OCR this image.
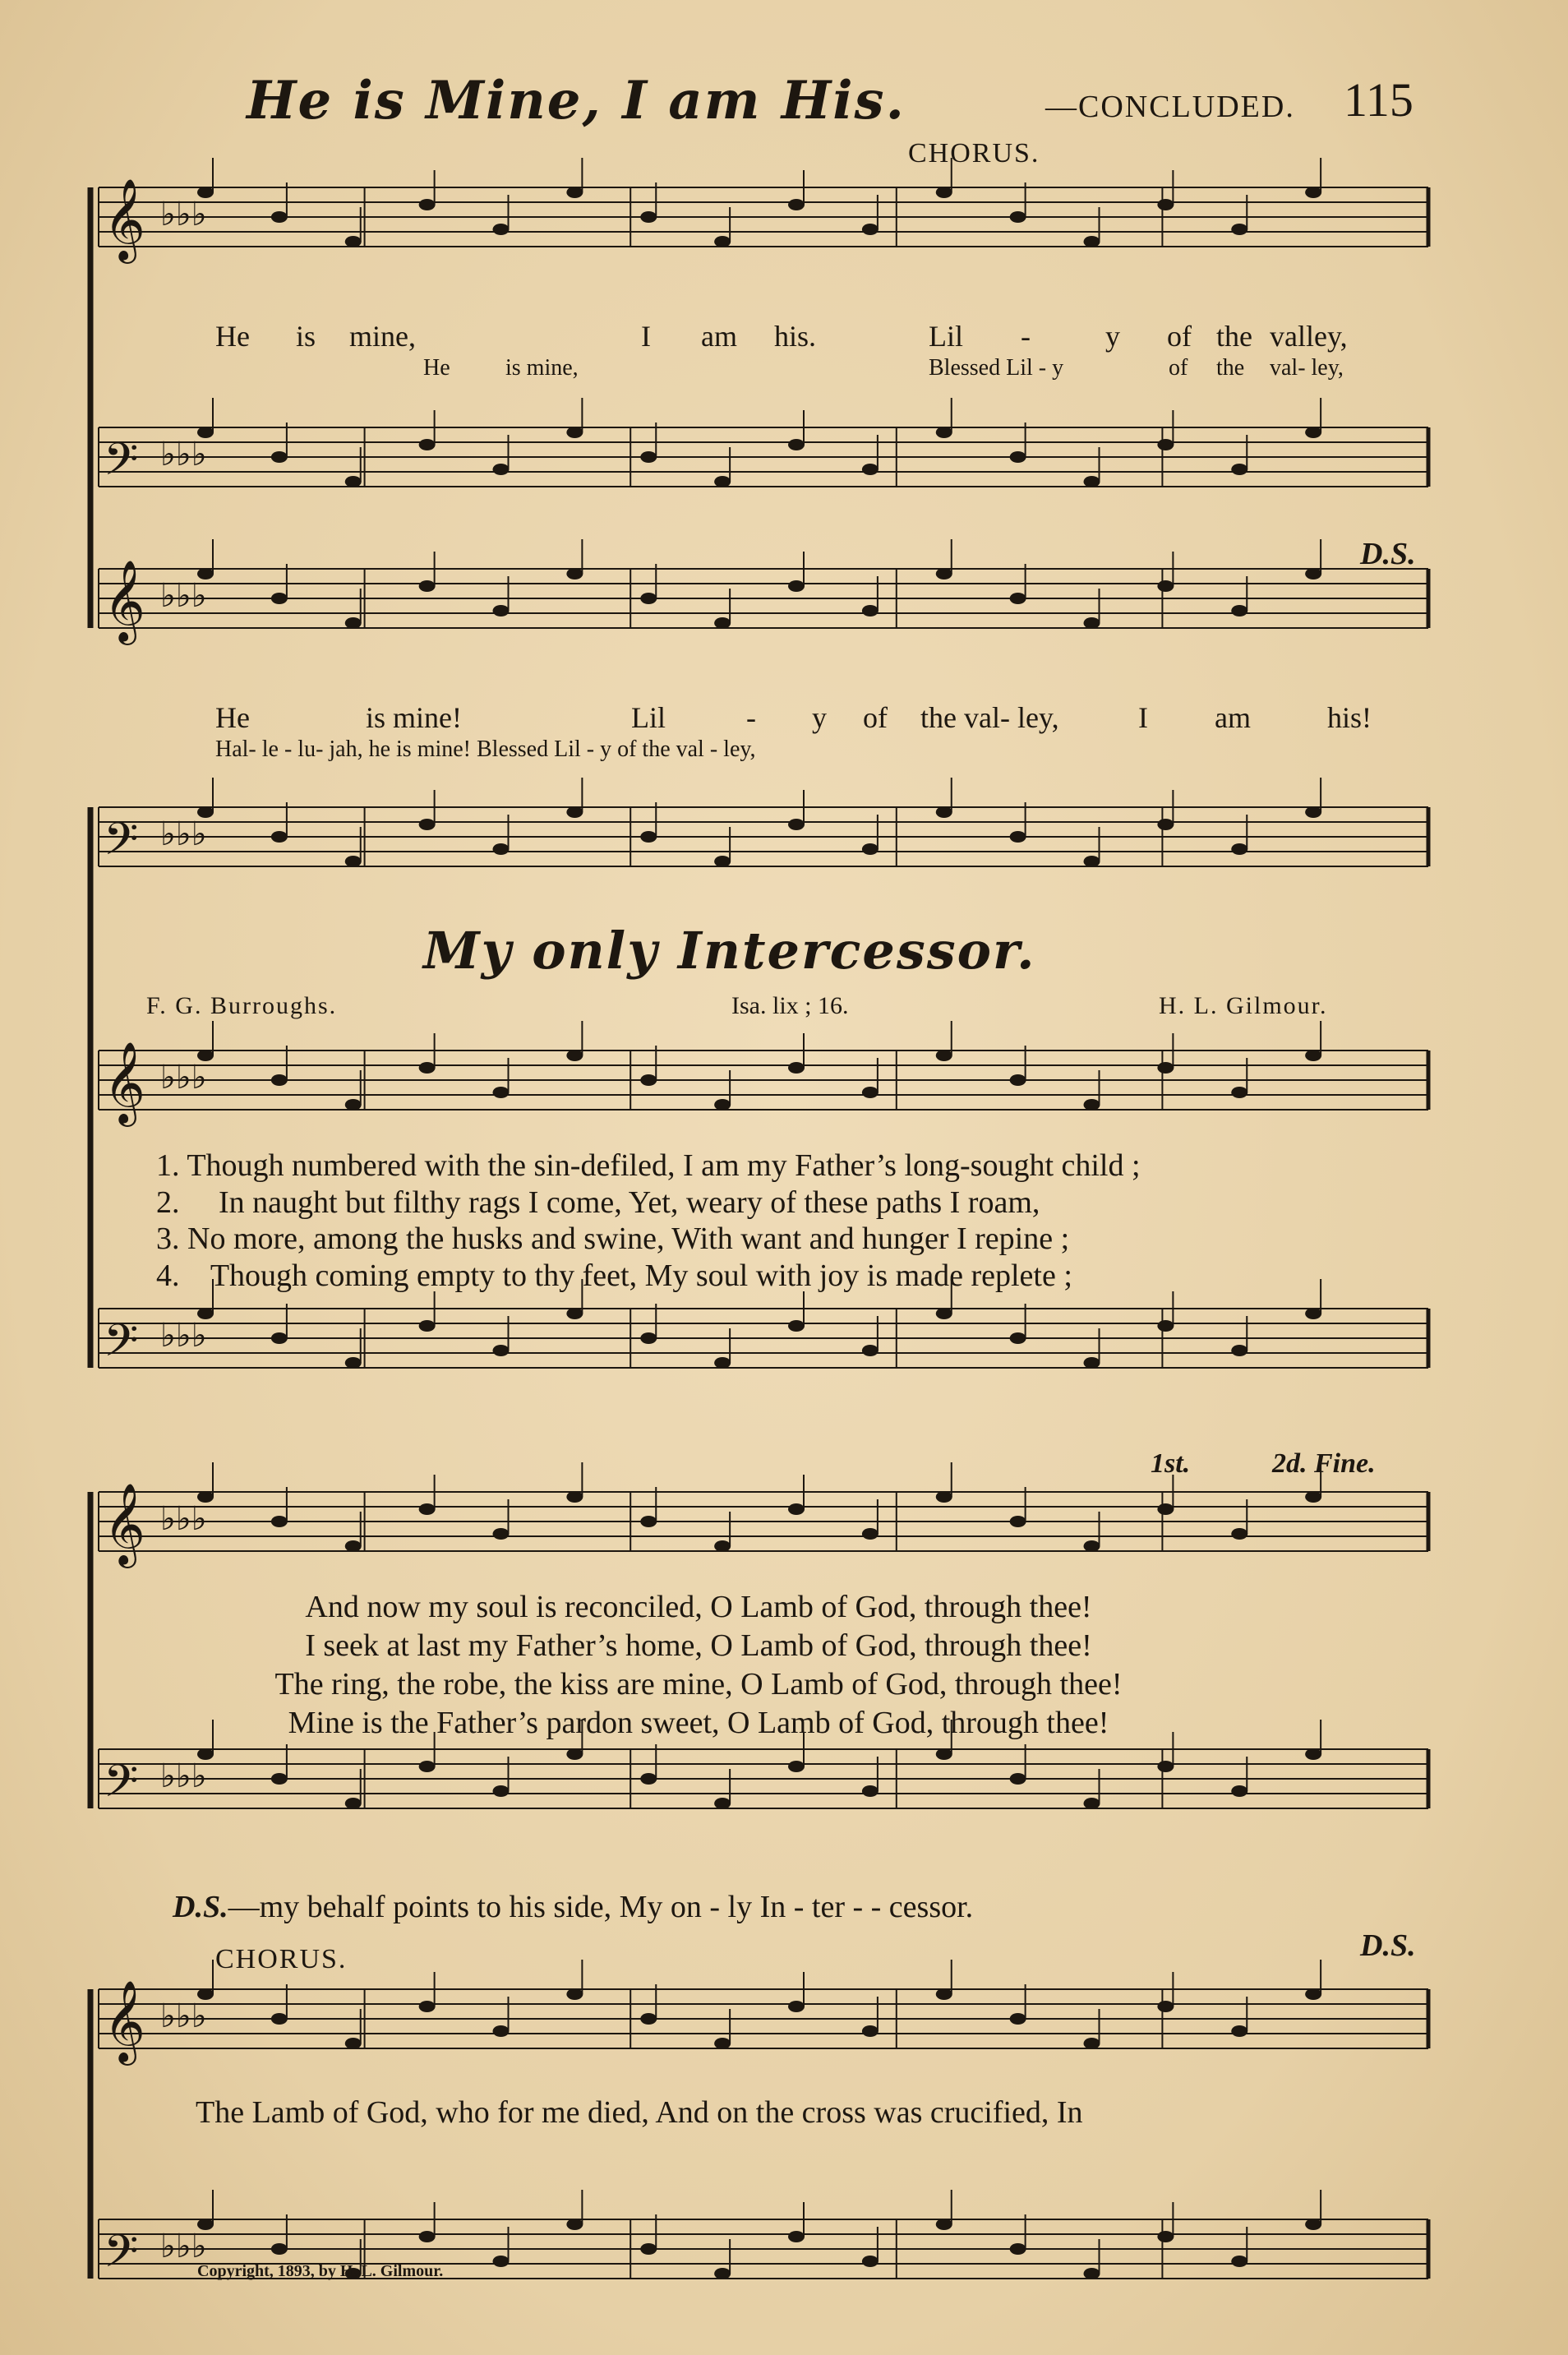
𝄞 ♭♭♭
𝄢 ♭♭♭
𝄞 ♭♭♭
𝄢 ♭♭♭
𝄞 ♭♭♭
𝄢 ♭♭♭
𝄞 ♭♭♭
𝄢 ♭♭♭
𝄞 ♭♭♭
𝄢 ♭♭♭
He is Mine, I am His.	—CONCLUDED. 115
CHORUS.
He is mine,	I am his.	Lil -	y of the valley,
He is mine,	Blessed Lil - y	of the val- ley,
D.S.
He	is mine!	Lil	- y of the val- ley,	I am	his!
Hal- le - lu- jah, he is mine! Blessed Lil - y of the val - ley,
My only Intercessor.
F. G. Burroughs.	Isa. lix ; 16.	H. L. Gilmour.
1. Though numbered with the sin-defiled, I am my Father’s long-sought child ;
2. In naught but filthy rags I come, Yet, weary of these paths I roam,
3. No more, among the husks and swine, With want and hunger I repine ;
4. Though coming empty to thy feet, My soul with joy is made replete ;
1st.	2d. Fine.
And now my soul is reconciled, O Lamb of God, through thee!
I seek at last my Father’s home, O Lamb of God, through thee!
The ring, the robe, the kiss are mine, O Lamb of God, through thee!
Mine is the Father’s pardon sweet, O Lamb of God, through thee!
D.S.—my behalf points to his side, My on - ly In - ter - - cessor.
CHORUS.	D.S.
The Lamb of God, who for me died, And on the cross was crucified, In
Copyright, 1893, by H. L. Gilmour.
